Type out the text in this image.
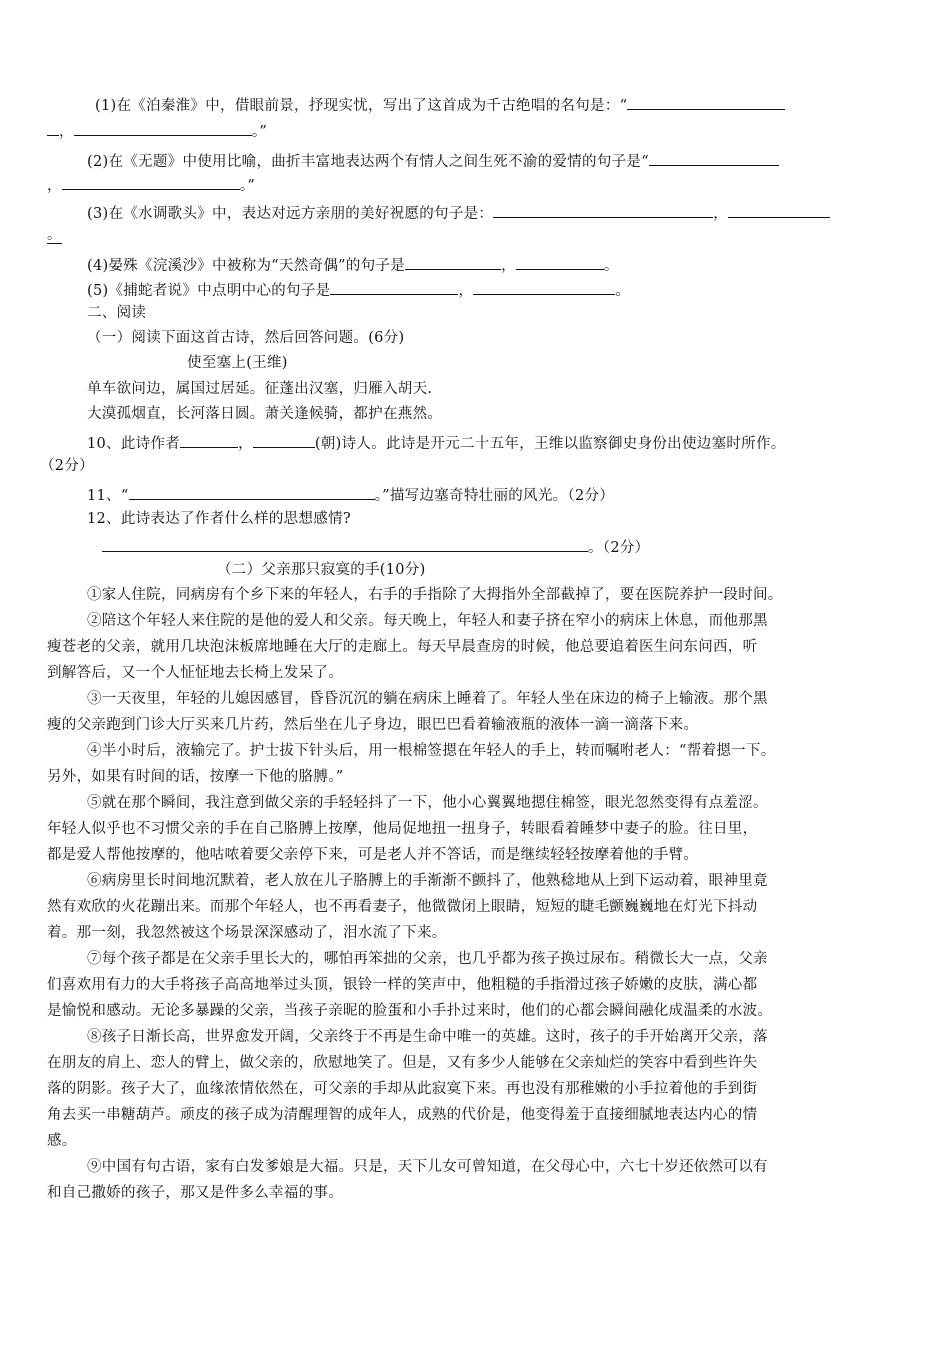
(1)在《泊秦淮》中，借眼前景，抒现实忧，写出了这首成为千古绝唱的名句是：“
，	。”
(2)在《无题》中使用比喻，曲折丰富地表达两个有情人之间生死不渝的爱情的句子是“
，	。”
(3)在《水调歌头》中，表达对远方亲朋的美好祝愿的句子是：	，
。
(4)晏殊《浣溪沙》中被称为“天然奇偶”的句子是	，	。
(5)《捕蛇者说》中点明中心的句子是	，	。
二、阅读
（一）阅读下面这首古诗，然后回答问题。(6分)
使至塞上(王维)
单车欲问边，属国过居延。征蓬出汉塞，归雁入胡天.
大漠孤烟直，长河落日圆。萧关逢候骑，都护在燕然。
10、此诗作者	，	(朝)诗人。此诗是开元二十五年，王维以监察御史身份出使边塞时所作。
（2分）
11、“	。”描写边塞奇特壮丽的风光。（2分）
12、此诗表达了作者什么样的思想感情?
。（2分）
（二）父亲那只寂寞的手(10分)
①家人住院，同病房有个乡下来的年轻人，右手的手指除了大拇指外全部截掉了，要在医院养护一段时间。
②陪这个年轻人来住院的是他的爱人和父亲。每天晚上，年轻人和妻子挤在窄小的病床上休息，而他那黑
瘦苍老的父亲，就用几块泡沫板席地睡在大厅的走廊上。每天早晨查房的时候，他总要追着医生问东问西，听
到解答后，又一个人怔怔地去长椅上发呆了。
③一天夜里，年轻的儿媳因感冒，昏昏沉沉的躺在病床上睡着了。年轻人坐在床边的椅子上输液。那个黑
瘦的父亲跑到门诊大厅买来几片药，然后坐在儿子身边，眼巴巴看着输液瓶的液体一滴一滴落下来。
④半小时后，液输完了。护士拔下针头后，用一根棉签摁在年轻人的手上，转而嘱咐老人：“帮着摁一下。
另外，如果有时间的话，按摩一下他的胳膊。”
⑤就在那个瞬间，我注意到做父亲的手轻轻抖了一下，他小心翼翼地摁住棉签，眼光忽然变得有点羞涩。
年轻人似乎也不习惯父亲的手在自己胳膊上按摩，他局促地扭一扭身子，转眼看着睡梦中妻子的脸。往日里，
都是爱人帮他按摩的，他咕哝着要父亲停下来，可是老人并不答话，而是继续轻轻按摩着他的手臂。
⑥病房里长时间地沉默着，老人放在儿子胳膊上的手渐渐不颤抖了，他熟稔地从上到下运动着，眼神里竟
然有欢欣的火花蹦出来。而那个年轻人，也不再看妻子，他微微闭上眼睛，短短的睫毛颤巍巍地在灯光下抖动
着。那一刻，我忽然被这个场景深深感动了，泪水流了下来。
⑦每个孩子都是在父亲手里长大的，哪怕再笨拙的父亲，也几乎都为孩子换过尿布。稍微长大一点，父亲
们喜欢用有力的大手将孩子高高地举过头顶，银铃一样的笑声中，他粗糙的手指滑过孩子娇嫩的皮肤，满心都
是愉悦和感动。无论多暴躁的父亲，当孩子亲昵的脸蛋和小手扑过来时，他们的心都会瞬间融化成温柔的水波。
⑧孩子日渐长高，世界愈发开阔，父亲终于不再是生命中唯一的英雄。这时，孩子的手开始离开父亲，落
在朋友的肩上、恋人的臂上，做父亲的，欣慰地笑了。但是，又有多少人能够在父亲灿烂的笑容中看到些许失
落的阴影。孩子大了，血缘浓情依然在，可父亲的手却从此寂寞下来。再也没有那稚嫩的小手拉着他的手到街
角去买一串糖葫芦。顽皮的孩子成为清醒理智的成年人，成熟的代价是，他变得羞于直接细腻地表达内心的情
感。
⑨中国有句古语，家有白发爹娘是大福。只是，天下儿女可曾知道，在父母心中，六七十岁还依然可以有
和自己撒娇的孩子，那又是件多么幸福的事。
